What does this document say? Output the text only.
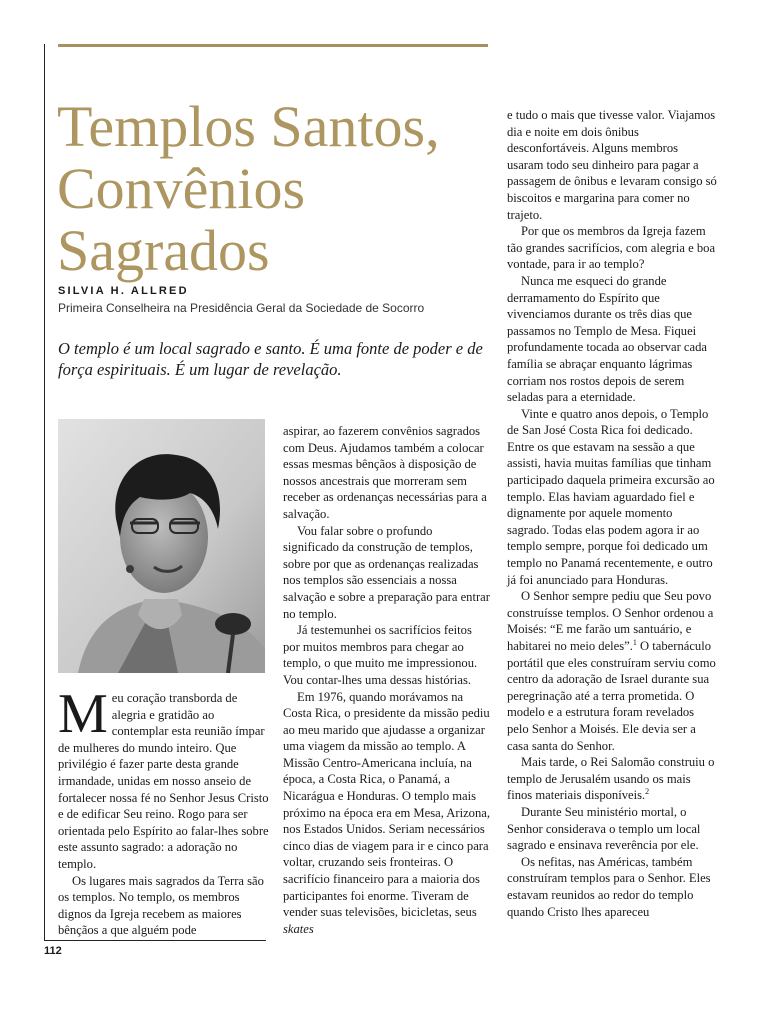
Templos Santos,
Convênios
Sagrados

SILVIA H. ALLRED

Primeira Conselheira na Presidência Geral da Sociedade de Socorro

O templo é um local sagrado e santo. É uma fonte de poder e de força espirituais. É um lugar de revelação.

Meu coração transborda de alegria e gratidão ao contemplar esta reunião ímpar de mulheres do mundo inteiro. Que privilégio é fazer parte desta grande irmandade, unidas em nosso anseio de fortalecer nossa fé no Senhor Jesus Cristo e de edificar Seu reino. Rogo para ser orientada pelo Espírito ao falar-lhes sobre este assunto sagrado: a adoração no templo.

Os lugares mais sagrados da Terra são os templos. No templo, os membros dignos da Igreja recebem as maiores bênçãos a que alguém pode

aspirar, ao fazerem convênios sagrados com Deus. Ajudamos também a colocar essas mesmas bênçãos à disposição de nossos ancestrais que morreram sem receber as ordenanças necessárias para a salvação.

Vou falar sobre o profundo significado da construção de templos, sobre por que as ordenanças realizadas nos templos são essenciais a nossa salvação e sobre a preparação para entrar no templo.

Já testemunhei os sacrifícios feitos por muitos membros para chegar ao templo, o que muito me impressionou. Vou contar-lhes uma dessas histórias.

Em 1976, quando morávamos na Costa Rica, o presidente da missão pediu ao meu marido que ajudasse a organizar uma viagem da missão ao templo. A Missão Centro-Americana incluía, na época, a Costa Rica, o Panamá, a Nicarágua e Honduras. O templo mais próximo na época era em Mesa, Arizona, nos Estados Unidos. Seriam necessários cinco dias de viagem para ir e cinco para voltar, cruzando seis fronteiras. O sacrifício financeiro para a maioria dos participantes foi enorme. Tiveram de vender suas televisões, bicicletas, seus skates

e tudo o mais que tivesse valor. Viajamos dia e noite em dois ônibus desconfortáveis. Alguns membros usaram todo seu dinheiro para pagar a passagem de ônibus e levaram consigo só biscoitos e margarina para comer no trajeto.

Por que os membros da Igreja fazem tão grandes sacrifícios, com alegria e boa vontade, para ir ao templo?

Nunca me esqueci do grande derramamento do Espírito que vivenciamos durante os três dias que passamos no Templo de Mesa. Fiquei profundamente tocada ao observar cada família se abraçar enquanto lágrimas corriam nos rostos depois de serem seladas para a eternidade.

Vinte e quatro anos depois, o Templo de San José Costa Rica foi dedicado. Entre os que estavam na sessão a que assisti, havia muitas famílias que tinham participado daquela primeira excursão ao templo. Elas haviam aguardado fiel e dignamente por aquele momento sagrado. Todas elas podem agora ir ao templo sempre, porque foi dedicado um templo no Panamá recentemente, e outro já foi anunciado para Honduras.

O Senhor sempre pediu que Seu povo construísse templos. O Senhor ordenou a Moisés: “E me farão um santuário, e habitarei no meio deles”.$^1$ O tabernáculo portátil que eles construíram serviu como centro da adoração de Israel durante sua peregrinação até a terra prometida. O modelo e a estrutura foram revelados pelo Senhor a Moisés. Ele devia ser a casa santa do Senhor.

Mais tarde, o Rei Salomão construiu o templo de Jerusalém usando os mais finos materiais disponíveis.$^2$

Durante Seu ministério mortal, o Senhor considerava o templo um local sagrado e ensinava reverência por ele.

Os nefitas, nas Américas, também construíram templos para o Senhor. Eles estavam reunidos ao redor do templo quando Cristo lhes apareceu

112
